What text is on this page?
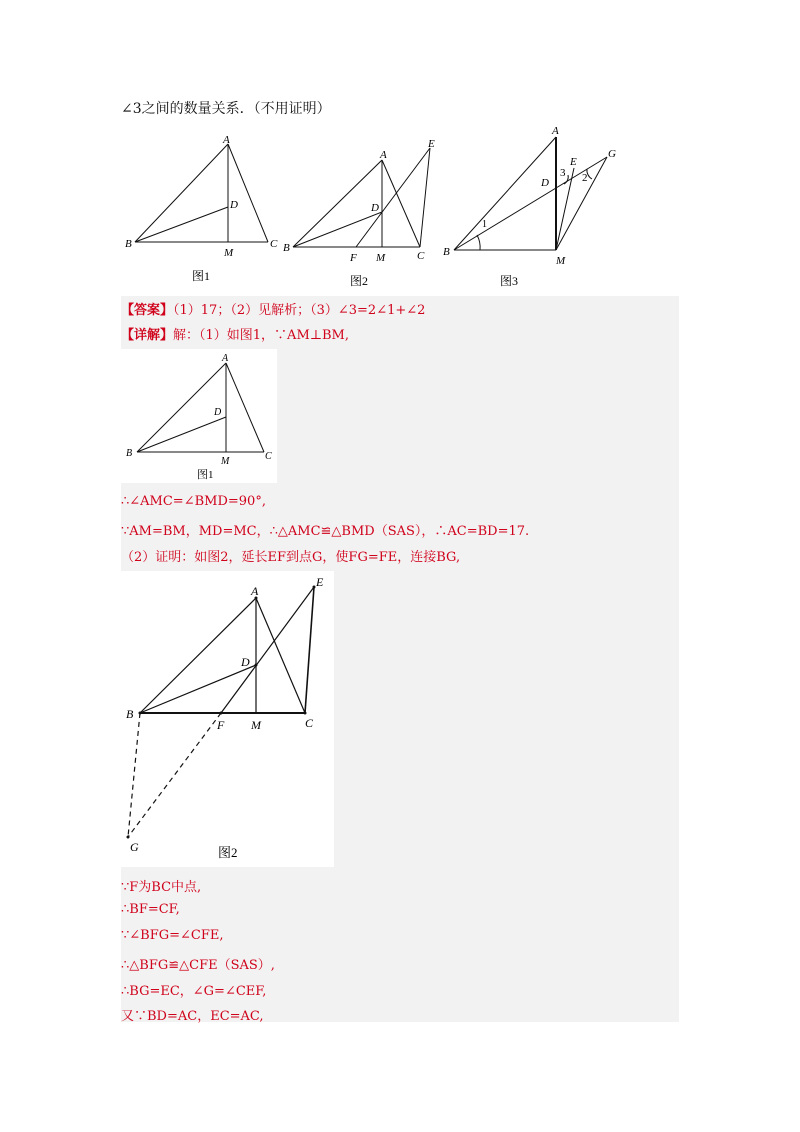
∠3之间的数量关系．（不用证明）
A
D
B
M
C
图1
A
E
D
B
F M	C
图2
A
E
G
D
3 2
1
B
M
图3
【答案】（1）17；（2）见解析；（3）∠3=2∠1+∠2
【详解】解：（1）如图1，∵AM⊥BM,
A
D
B
M	C
图1
∴∠AMC=∠BMD=90°,
∵AM=BM，MD=MC，∴△AMC≌△BMD（SAS），∴AC=BD=17.
（2）证明：如图2，延长EF到点G，使FG=FE，连接BG,
A
E
D
B
F M	C
G	图2
∵F为BC中点,
∴BF=CF,
∵∠BFG=∠CFE,
∴△BFG≌△CFE（SAS）,
∴BG=EC，∠G=∠CEF,
又∵BD=AC，EC=AC,
